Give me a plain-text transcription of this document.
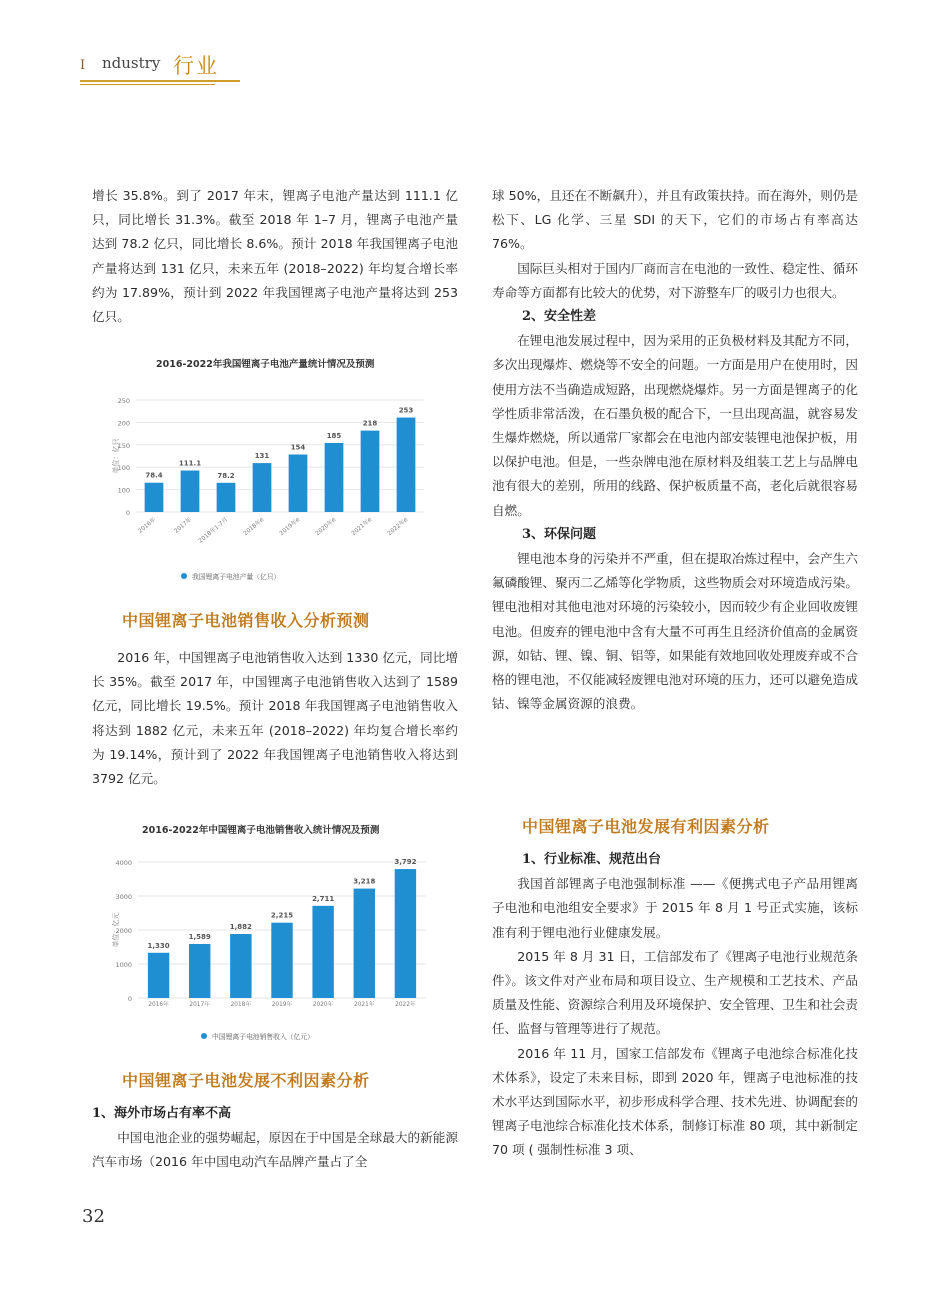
I ndustry 行业

增长 35.8%。到了 2017 年末，锂离子电池产量达到 111.1 亿只，同比增长 31.3%。截至 2018 年 1–7 月，锂离子电池产量达到 78.2 亿只，同比增长 8.6%。预计 2018 年我国锂离子电池产量将达到 131 亿只，未来五年 (2018–2022) 年均复合增长率约为 17.89%，预计到 2022 年我国锂离子电池产量将达到 253 亿只。

2016-2022年我国锂离子电池产量统计情况及预测
0
100
100
150
200
250
单位：亿只
78.4
2016年
111.1
2017年
78.2
2018年1-7月
131
2018年e
154
2019年e
185
2020年e
218
2021年e
253
2022年e
我国锂离子电池产量（亿只）
中国锂离子电池销售收入分析预测

2016 年，中国锂离子电池销售收入达到 1330 亿元，同比增长 35%。截至 2017 年，中国锂离子电池销售收入达到了 1589 亿元，同比增长 19.5%。预计 2018 年我国锂离子电池销售收入将达到 1882 亿元，未来五年 (2018–2022) 年均复合增长率约为 19.14%，预计到了 2022 年我国锂离子电池销售收入将达到 3792 亿元。

2016-2022年中国锂离子电池销售收入统计情况及预测
0
1000
2000
3000
4000
单位：亿元	1,330
2016年
1,589
2017年
1,882
2018年
2,215
2019年
2,711
2020年
3,218
2021年
3,792
2022年
中国锂离子电池销售收入（亿元）
中国锂离子电池发展不利因素分析

1、海外市场占有率不高

中国电池企业的强势崛起，原因在于中国是全球最大的新能源汽车市场（2016 年中国电动汽车品牌产量占了全

球 50%，且还在不断飙升），并且有政策扶持。而在海外，则仍是松下、LG 化学、三星 SDI 的天下，它们的市场占有率高达 76%。

国际巨头相对于国内厂商而言在电池的一致性、稳定性、循环寿命等方面都有比较大的优势，对下游整车厂的吸引力也很大。

2、安全性差

在锂电池发展过程中，因为采用的正负极材料及其配方不同，多次出现爆炸、燃烧等不安全的问题。一方面是用户在使用时，因使用方法不当确造成短路，出现燃烧爆炸。另一方面是锂离子的化学性质非常活泼，在石墨负极的配合下，一旦出现高温，就容易发生爆炸燃烧，所以通常厂家都会在电池内部安装锂电池保护板，用以保护电池。但是，一些杂牌电池在原材料及组装工艺上与品牌电池有很大的差别，所用的线路、保护板质量不高，老化后就很容易自燃。

3、环保问题

锂电池本身的污染并不严重，但在提取冶炼过程中，会产生六氟磷酸锂、聚丙二乙烯等化学物质，这些物质会对环境造成污染。锂电池相对其他电池对环境的污染较小，因而较少有企业回收废锂电池。但废弃的锂电池中含有大量不可再生且经济价值高的金属资源，如钴、锂、镍、铜、铝等，如果能有效地回收处理废弃或不合格的锂电池，不仅能减轻废锂电池对环境的压力，还可以避免造成钴、镍等金属资源的浪费。

中国锂离子电池发展有利因素分析

1、行业标准、规范出台

我国首部锂离子电池强制标准 ——《便携式电子产品用锂离子电池和电池组安全要求》于 2015 年 8 月 1 号正式实施，该标准有利于锂电池行业健康发展。

2015 年 8 月 31 日，工信部发布了《锂离子电池行业规范条件》。该文件对产业布局和项目设立、生产规模和工艺技术、产品质量及性能、资源综合利用及环境保护、安全管理、卫生和社会责任、监督与管理等进行了规范。

2016 年 11 月，国家工信部发布《锂离子电池综合标准化技术体系》，设定了未来目标，即到 2020 年，锂离子电池标准的技术水平达到国际水平，初步形成科学合理、技术先进、协调配套的锂离子电池综合标准化技术体系，制修订标准 80 项，其中新制定 70 项 ( 强制性标准 3 项、

32
